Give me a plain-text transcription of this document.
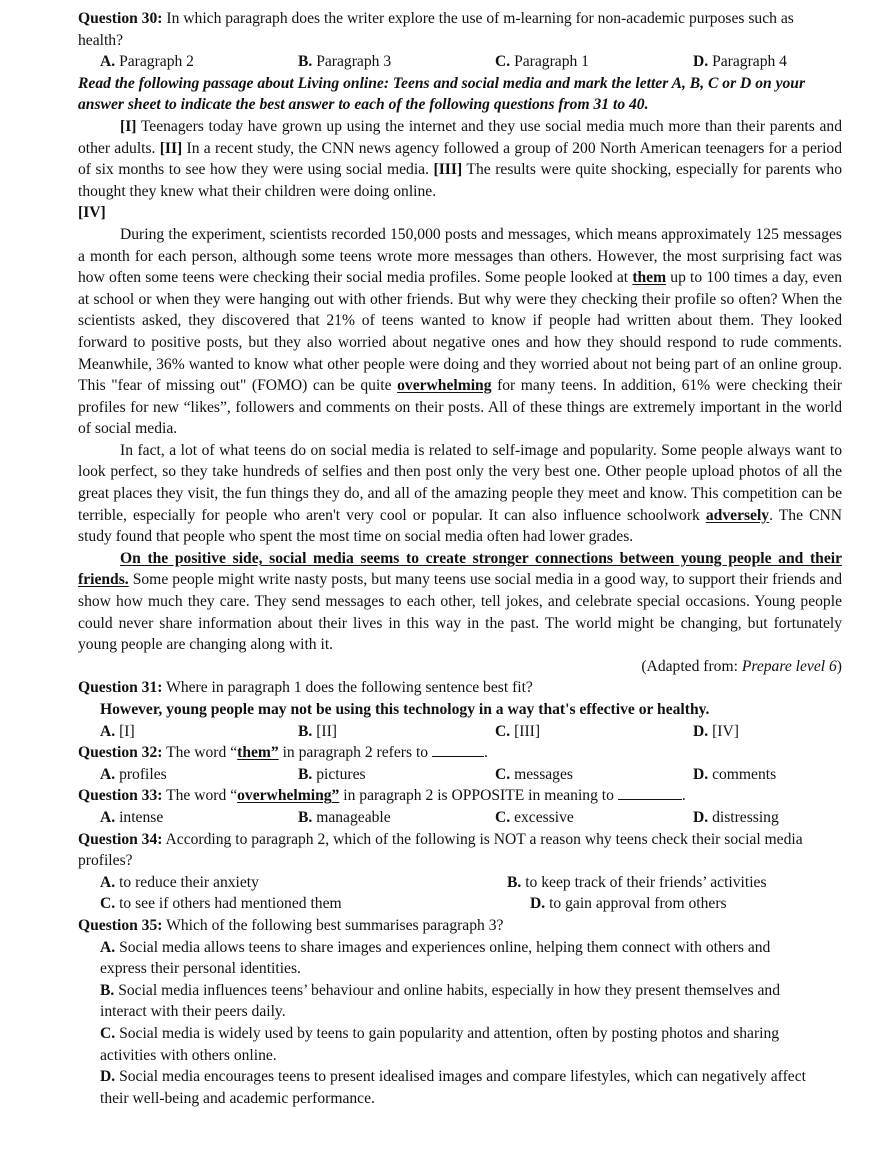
Question 30: In which paragraph does the writer explore the use of m-learning for non-academic purposes such as health?

A. Paragraph 2	B. Paragraph 3	C. Paragraph 1	D. Paragraph 4

Read the following passage about Living online: Teens and social media and mark the letter A, B, C or D on your answer sheet to indicate the best answer to each of the following questions from 31 to 40.

[I] Teenagers today have grown up using the internet and they use social media much more than their parents and other adults. [II] In a recent study, the CNN news agency followed a group of 200 North American teenagers for a period of six months to see how they were using social media. [III] The results were quite shocking, especially for parents who thought they knew what their children were doing online.
[IV]

During the experiment, scientists recorded 150,000 posts and messages, which means approximately 125 messages a month for each person, although some teens wrote more messages than others. However, the most surprising fact was how often some teens were checking their social media profiles. Some people looked at them up to 100 times a day, even at school or when they were hanging out with other friends. But why were they checking their profile so often? When the scientists asked, they discovered that 21% of teens wanted to know if people had written about them. They looked forward to positive posts, but they also worried about negative ones and how they should respond to rude comments. Meanwhile, 36% wanted to know what other people were doing and they worried about not being part of an online group. This "fear of missing out" (FOMO) can be quite overwhelming for many teens. In addition, 61% were checking their profiles for new “likes”, followers and comments on their posts. All of these things are extremely important in the world of social media.

In fact, a lot of what teens do on social media is related to self-image and popularity. Some people always want to look perfect, so they take hundreds of selfies and then post only the very best one. Other people upload photos of all the great places they visit, the fun things they do, and all of the amazing people they meet and know. This competition can be terrible, especially for people who aren't very cool or popular. It can also influence schoolwork adversely. The CNN study found that people who spent the most time on social media often had lower grades.

On the positive side, social media seems to create stronger connections between young people and their friends. Some people might write nasty posts, but many teens use social media in a good way, to support their friends and show how much they care. They send messages to each other, tell jokes, and celebrate special occasions. Young people could never share information about their lives in this way in the past. The world might be changing, but fortunately young people are changing along with it.

(Adapted from: Prepare level 6)

Question 31: Where in paragraph 1 does the following sentence best fit?

However, young people may not be using this technology in a way that's effective or healthy.

A. [I]	B. [II]	C. [III]	D. [IV]

Question 32: The word “them” in paragraph 2 refers to	.

A. profiles	B. pictures	C. messages	D. comments

Question 33: The word “overwhelming” in paragraph 2 is OPPOSITE in meaning to	.

A. intense	B. manageable	C. excessive	D. distressing

Question 34: According to paragraph 2, which of the following is NOT a reason why teens check their social media profiles?

A. to reduce their anxiety	B. to keep track of their friends’ activities
C. to see if others had mentioned them	D. to gain approval from others

Question 35: Which of the following best summarises paragraph 3?

A. Social media allows teens to share images and experiences online, helping them connect with others and express their personal identities.
B. Social media influences teens’ behaviour and online habits, especially in how they present themselves and interact with their peers daily.
C. Social media is widely used by teens to gain popularity and attention, often by posting photos and sharing activities with others online.
D. Social media encourages teens to present idealised images and compare lifestyles, which can negatively affect their well-being and academic performance.
